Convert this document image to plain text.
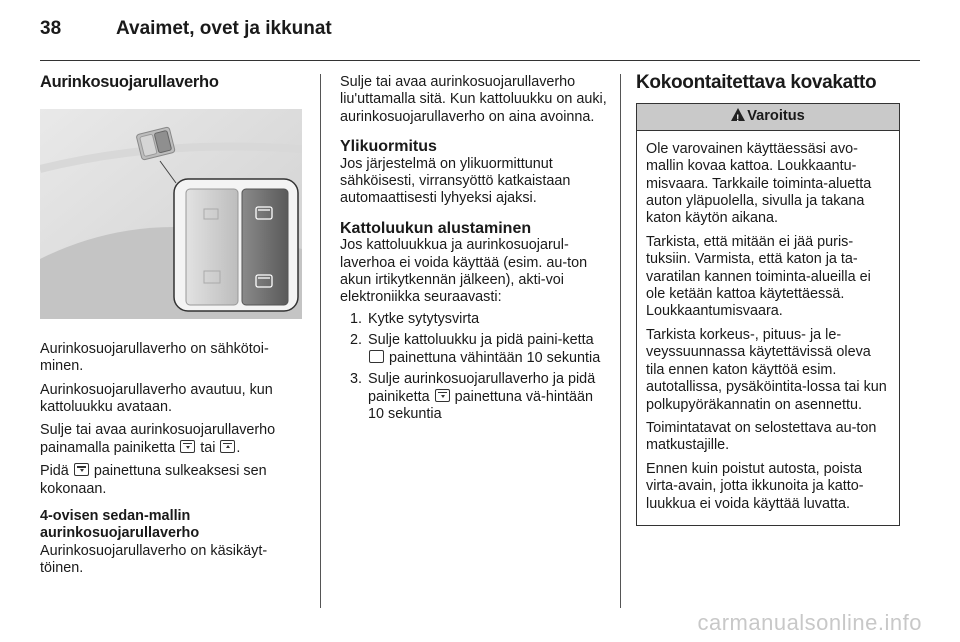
38	Avaimet, ovet ja ikkunat
Aurinkosuojarullaverho

Aurinkosuojarullaverho on sähkötoi-minen.

Aurinkosuojarullaverho avautuu, kun kattoluukku avataan.

Sulje tai avaa aurinkosuojarullaverho painamalla painiketta tai .

Pidä painettuna sulkeaksesi sen kokonaan.

4-ovisen sedan-mallin aurinkosuojarullaverho

Aurinkosuojarullaverho on käsikäyt-töinen.

Sulje tai avaa aurinkosuojarullaverho liu'uttamalla sitä. Kun kattoluukku on auki, aurinkosuojarullaverho on aina avoinna.

Ylikuormitus

Jos järjestelmä on ylikuormittunut sähköisesti, virransyöttö katkaistaan automaattisesti lyhyeksi ajaksi.

Kattoluukun alustaminen

Jos kattoluukkua ja aurinkosuojarul-laverhoa ei voida käyttää (esim. au-ton akun irtikytkennän jälkeen), akti-voi elektroniikka seuraavasti:

1. Kytke sytytysvirta
2. Sulje kattoluukku ja pidä paini-ketta  painettuna vähintään 10 sekuntia
3. Sulje aurinkosuojarullaverho ja pidä painiketta painettuna vä-hintään 10 sekuntia
Kokoontaitettava kovakatto
!Varoitus

Ole varovainen käyttäessäsi avo-mallin kovaa kattoa. Loukkaantu-misvaara. Tarkkaile toiminta-aluetta auton yläpuolella, sivulla ja takana katon käytön aikana.

Tarkista, että mitään ei jää puris-tuksiin. Varmista, että katon ja ta-varatilan kannen toiminta-alueilla ei ole ketään kattoa käytettäessä. Loukkaantumisvaara.

Tarkista korkeus-, pituus- ja le-veyssuunnassa käytettävissä oleva tila ennen katon käyttöä esim. autotallissa, pysäköintita-lossa tai kun polkupyöräkannatin on asennettu.

Toimintatavat on selostettava au-ton matkustajille.

Ennen kuin poistut autosta, poista virta-avain, jotta ikkunoita ja katto-luukkua ei voida käyttää luvatta.

carmanualsonline.info
